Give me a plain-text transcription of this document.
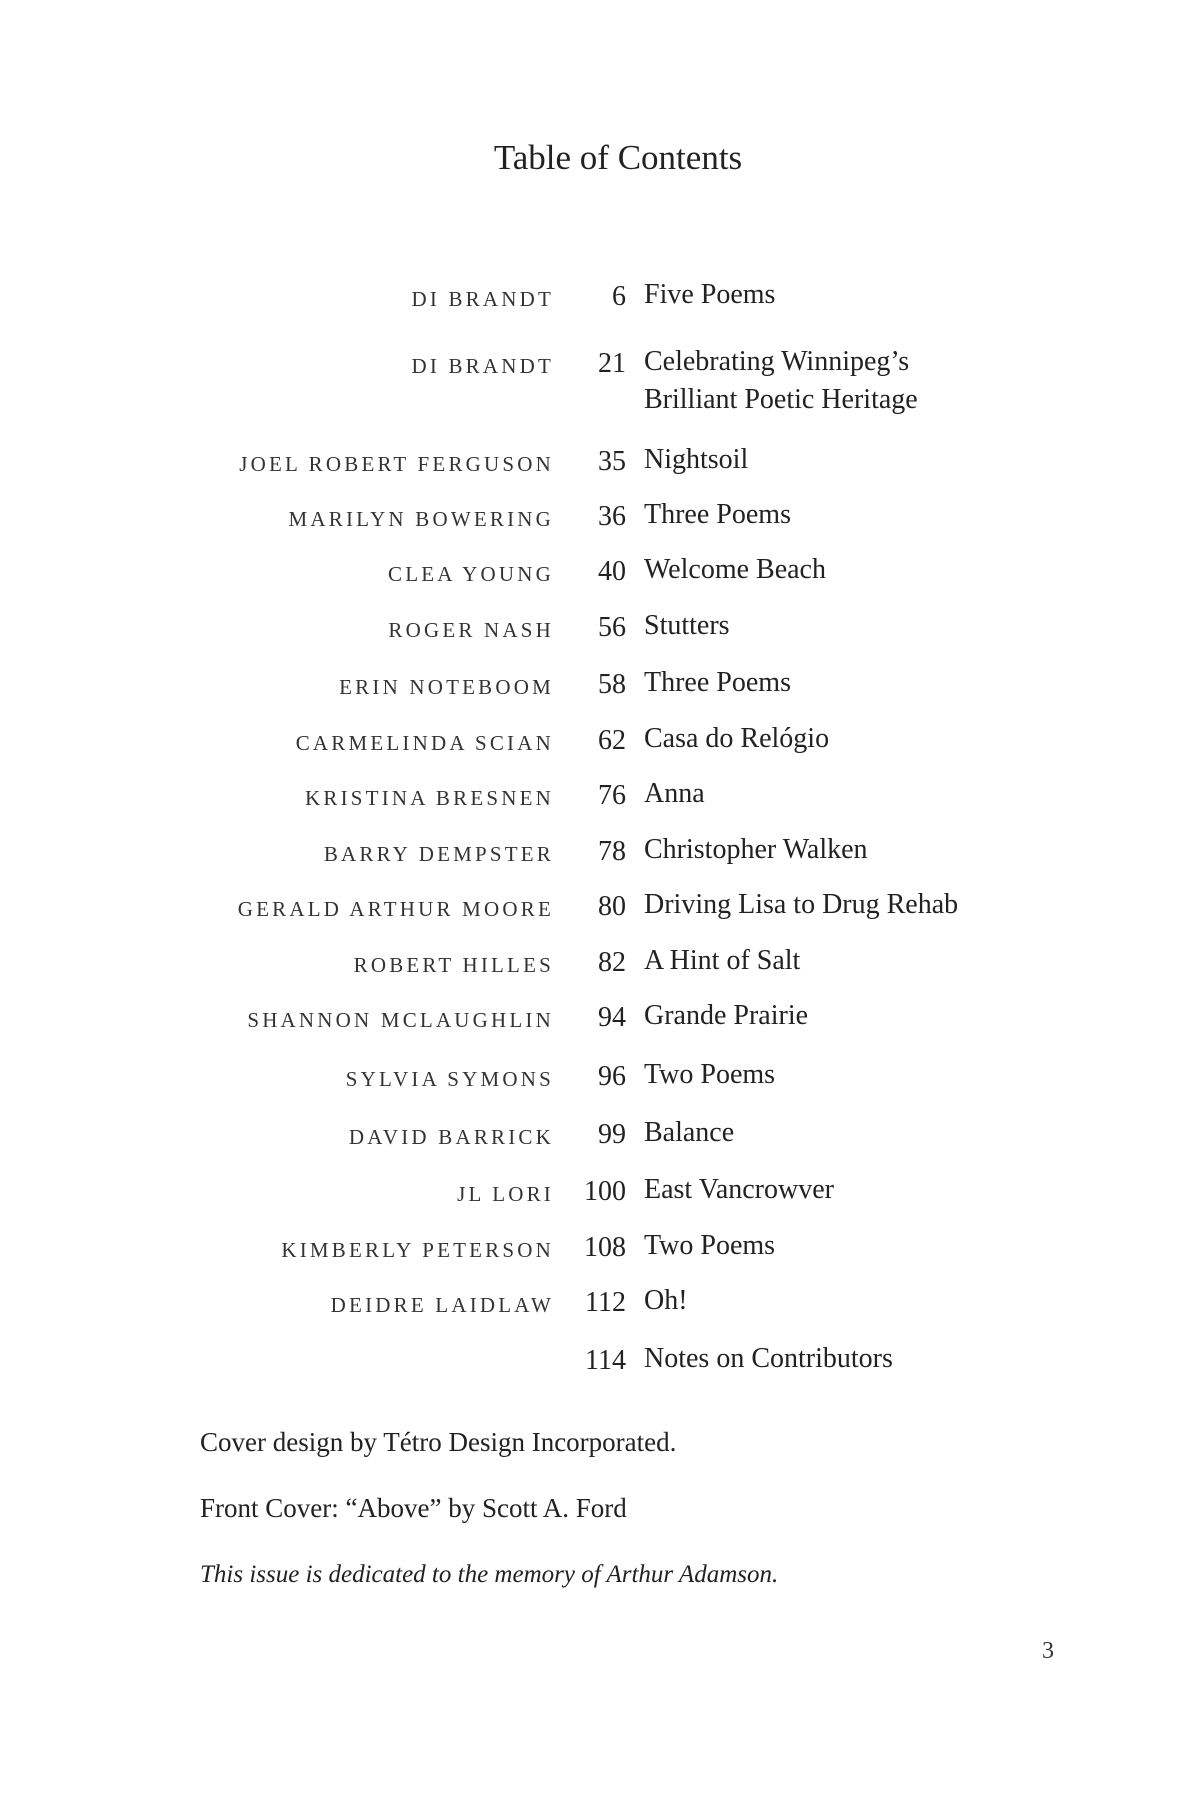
Table of Contents
DI BRANDT 6 Five Poems
DI BRANDT 21 Celebrating Winnipeg’s
Brilliant Poetic Heritage
JOEL ROBERT FERGUSON 35 Nightsoil
MARILYN BOWERING 36 Three Poems
CLEA YOUNG 40 Welcome Beach
ROGER NASH 56 Stutters
ERIN NOTEBOOM 58 Three Poems
CARMELINDA SCIAN 62 Casa do Relógio
KRISTINA BRESNEN 76 Anna
BARRY DEMPSTER 78 Christopher Walken
GERALD ARTHUR MOORE 80 Driving Lisa to Drug Rehab
ROBERT HILLES 82 A Hint of Salt
SHANNON MCLAUGHLIN 94 Grande Prairie
SYLVIA SYMONS 96 Two Poems
DAVID BARRICK 99 Balance
JL LORI 100 East Vancrowver
KIMBERLY PETERSON 108 Two Poems
DEIDRE LAIDLAW 112 Oh!
114 Notes on Contributors
Cover design by Tétro Design Incorporated.
Front Cover: “Above” by Scott A. Ford
This issue is dedicated to the memory of Arthur Adamson.
3
